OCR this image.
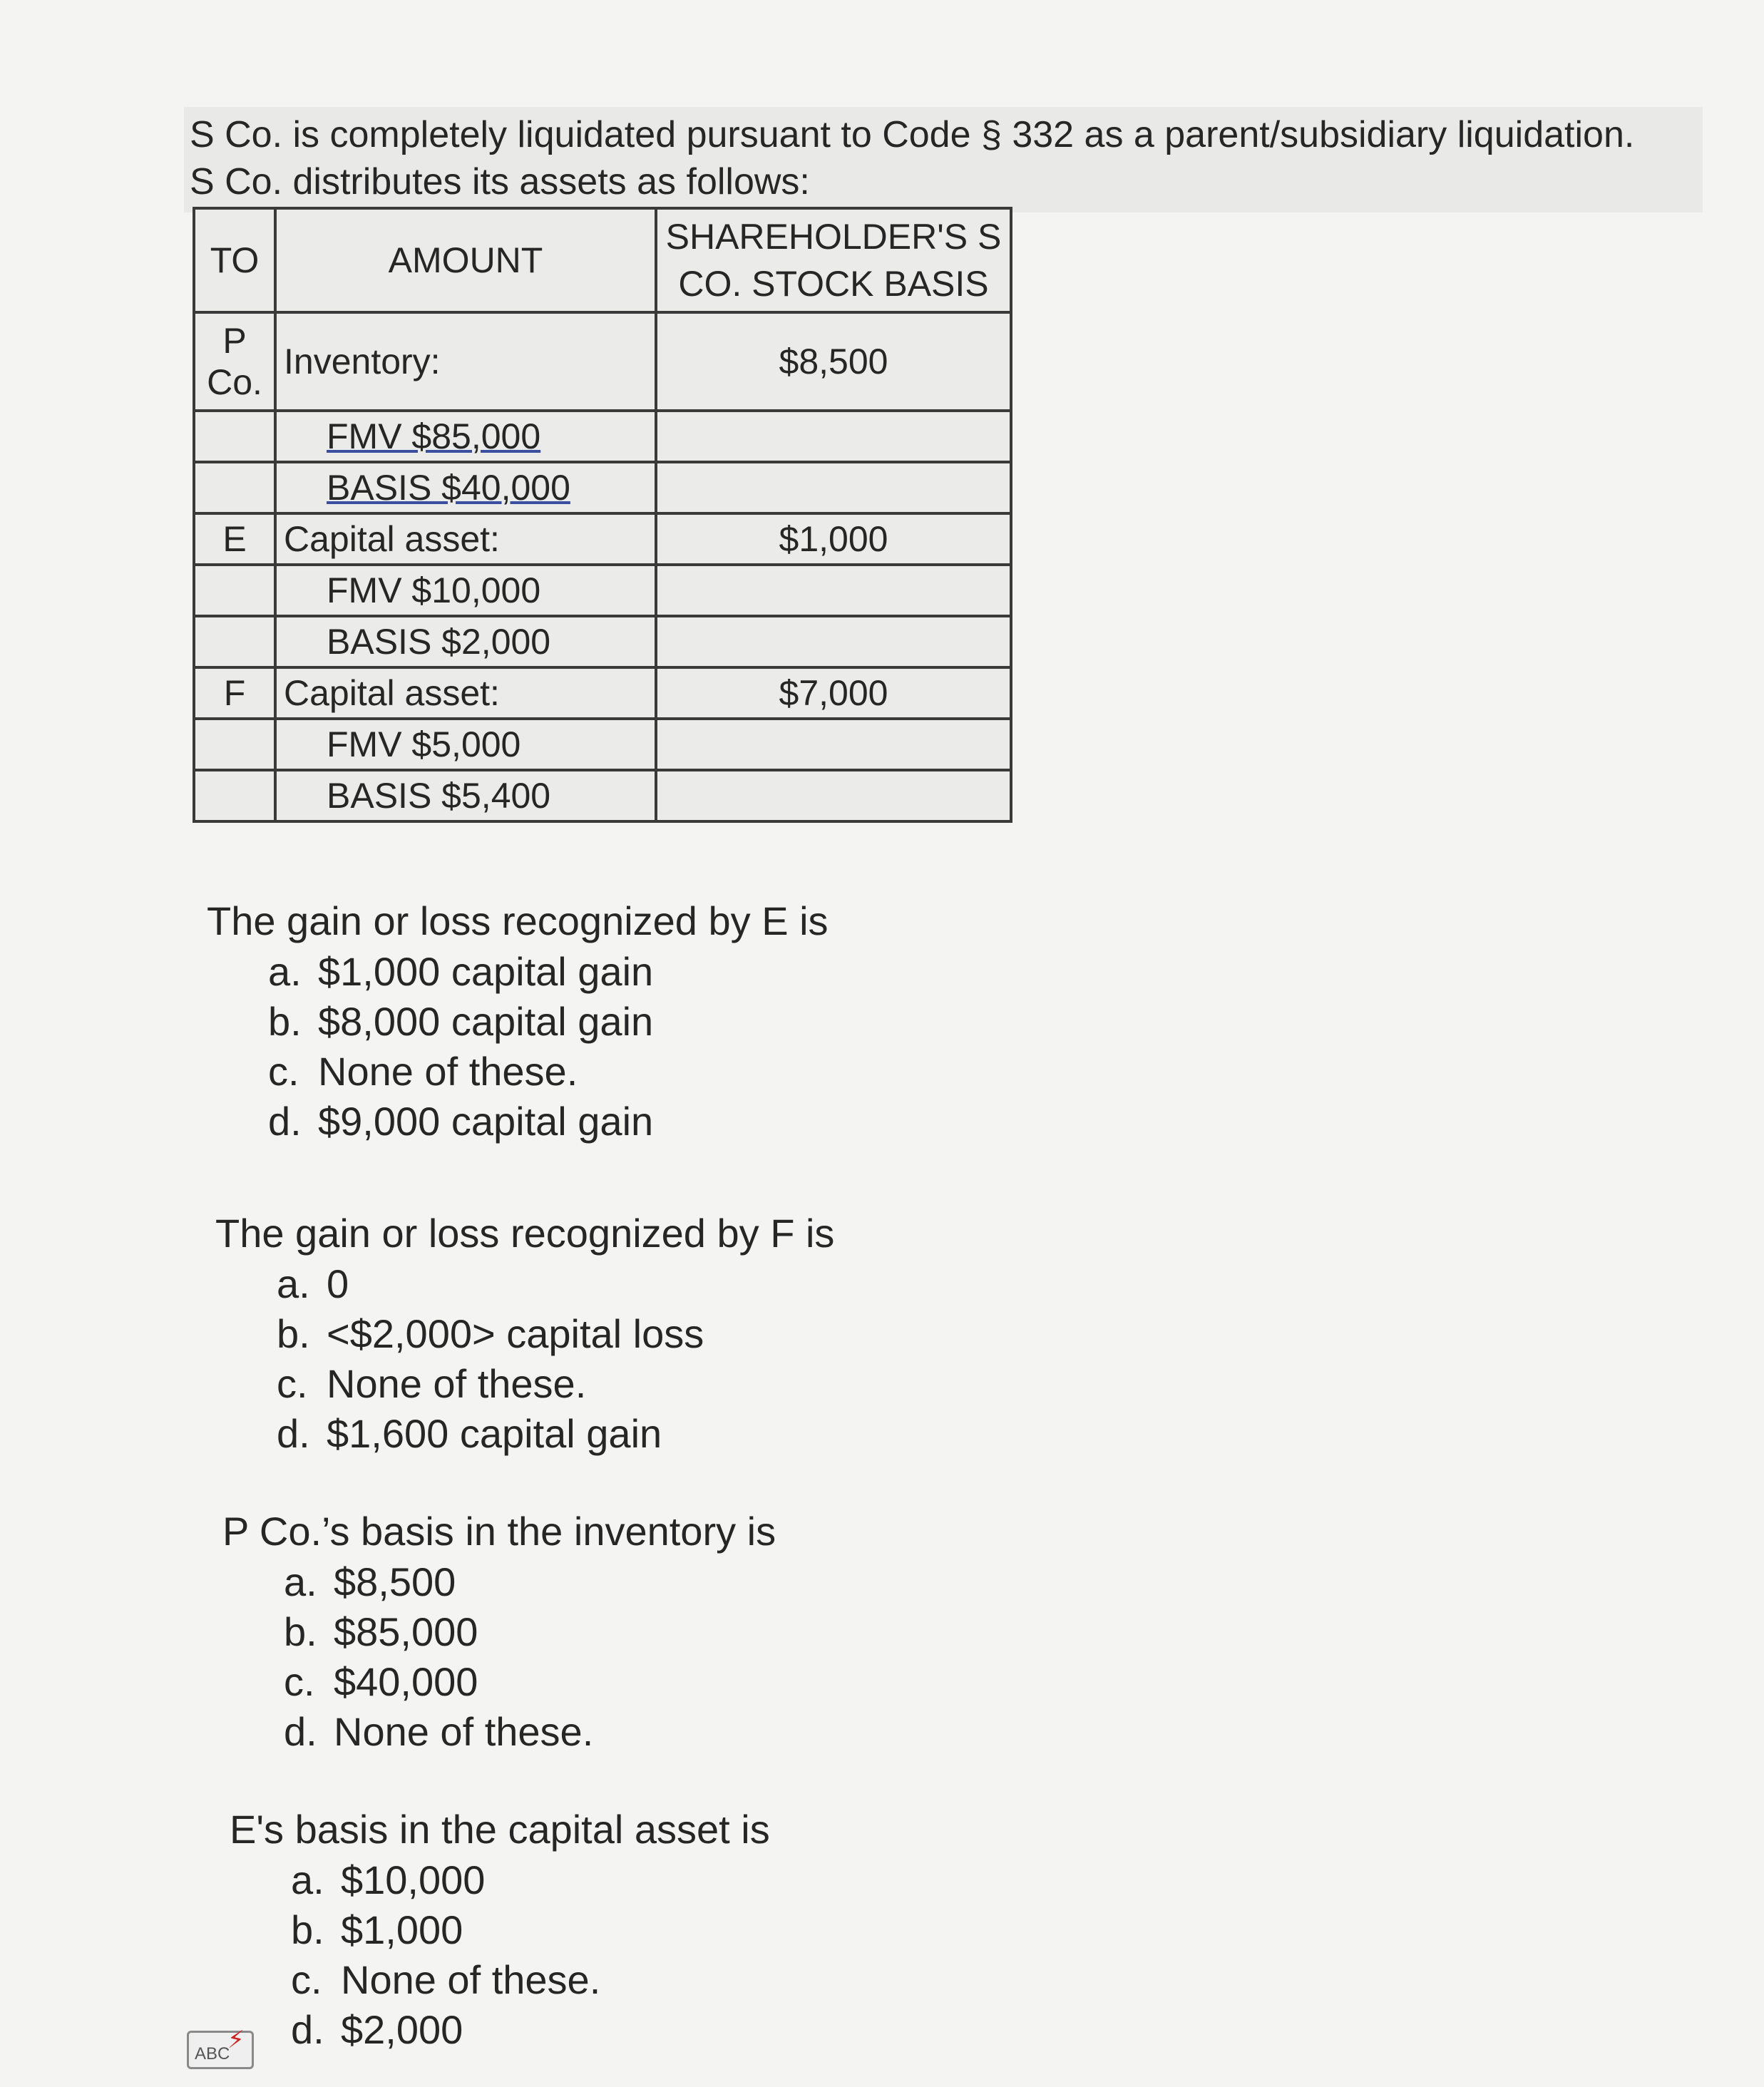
S Co. is completely liquidated pursuant to Code § 332 as a parent/subsidiary liquidation.
S Co. distributes its assets as follows:
TO	AMOUNT	SHAREHOLDER'S S CO. STOCK BASIS
P Co.	Inventory:	$8,500
	FMV $85,000	
	BASIS $40,000	
E	Capital asset:	$1,000
	FMV $10,000	
	BASIS $2,000	
F	Capital asset:	$7,000
	FMV $5,000	
	BASIS $5,400	
The gain or loss recognized by E is
a. $1,000 capital gain
b. $8,000 capital gain
c. None of these.
d. $9,000 capital gain
The gain or loss recognized by F is
a. 0
b. <$2,000> capital loss
c. None of these.
d. $1,600 capital gain
P Co.’s basis in the inventory is
a. $8,500
b. $85,000
c. $40,000
d. None of these.
E's basis in the capital asset is
a. $10,000
b. $1,000
c. None of these.
d. $2,000
ABC
⚡
